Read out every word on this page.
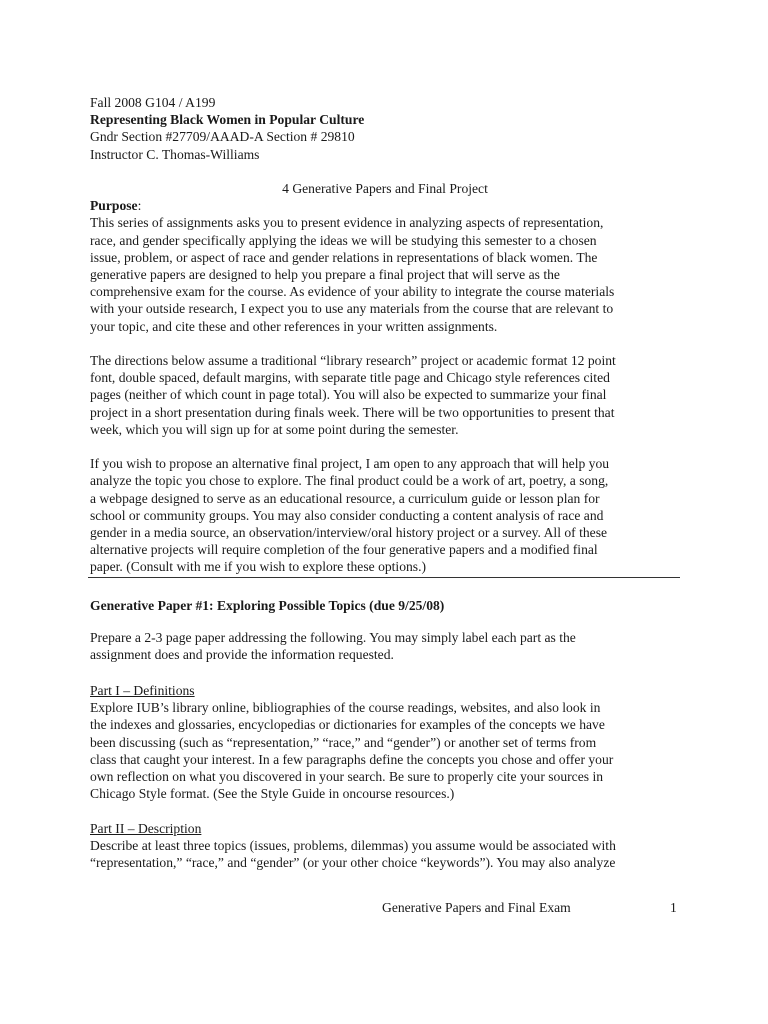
Fall 2008 G104 / A199
Representing Black Women in Popular Culture
Gndr Section #27709/AAAD-A Section # 29810
Instructor C. Thomas-Williams
4 Generative Papers and Final Project
Purpose:
This series of assignments asks you to present evidence in analyzing aspects of representation,
race, and gender specifically applying the ideas we will be studying this semester to a chosen
issue, problem, or aspect of race and gender relations in representations of black women. The
generative papers are designed to help you prepare a final project that will serve as the
comprehensive exam for the course. As evidence of your ability to integrate the course materials
with your outside research, I expect you to use any materials from the course that are relevant to
your topic, and cite these and other references in your written assignments.
The directions below assume a traditional “library research” project or academic format 12 point
font, double spaced, default margins, with separate title page and Chicago style references cited
pages (neither of which count in page total). You will also be expected to summarize your final
project in a short presentation during finals week. There will be two opportunities to present that
week, which you will sign up for at some point during the semester.
If you wish to propose an alternative final project, I am open to any approach that will help you
analyze the topic you chose to explore. The final product could be a work of art, poetry, a song,
a webpage designed to serve as an educational resource, a curriculum guide or lesson plan for
school or community groups. You may also consider conducting a content analysis of race and
gender in a media source, an observation/interview/oral history project or a survey. All of these
alternative projects will require completion of the four generative papers and a modified final
paper. (Consult with me if you wish to explore these options.)
Generative Paper #1: Exploring Possible Topics (due 9/25/08)
Prepare a 2-3 page paper addressing the following. You may simply label each part as the
assignment does and provide the information requested.
Part I – Definitions
Explore IUB’s library online, bibliographies of the course readings, websites, and also look in
the indexes and glossaries, encyclopedias or dictionaries for examples of the concepts we have
been discussing (such as “representation,” “race,” and “gender”) or another set of terms from
class that caught your interest. In a few paragraphs define the concepts you chose and offer your
own reflection on what you discovered in your search. Be sure to properly cite your sources in
Chicago Style format. (See the Style Guide in oncourse resources.)
Part II – Description
Describe at least three topics (issues, problems, dilemmas) you assume would be associated with
“representation,” “race,” and “gender” (or your other choice “keywords”). You may also analyze
Generative Papers and Final Exam	1
